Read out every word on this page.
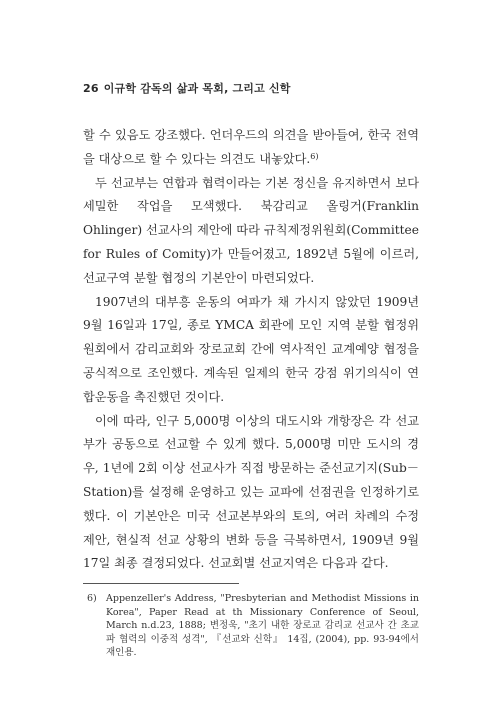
26 이규학 감독의 삶과 목회, 그리고 신학

할 수 있음도 강조했다. 언더우드의 의견을 받아들여, 한국 전역을 대상으로 할 수 있다는 의견도 내놓았다.$^{6)}$

두 선교부는 연합과 협력이라는 기본 정신을 유지하면서 보다 세밀한 작업을 모색했다. 북감리교 올링거(Franklin Ohlinger) 선교사의 제안에 따라 규칙제정위원회(Committee for Rules of Comity)가 만들어졌고, 1892년 5월에 이르러, 선교구역 분할 협정의 기본안이 마련되었다.

1907년의 대부흥 운동의 여파가 채 가시지 않았던 1909년 9월 16일과 17일, 종로 YMCA 회관에 모인 지역 분할 협정위원회에서 감리교회와 장로교회 간에 역사적인 교계예양 협정을 공식적으로 조인했다. 계속된 일제의 한국 강점 위기의식이 연합운동을 촉진했던 것이다.

이에 따라, 인구 5,000명 이상의 대도시와 개항장은 각 선교부가 공동으로 선교할 수 있게 했다. 5,000명 미만 도시의 경우, 1년에 2회 이상 선교사가 직접 방문하는 준선교기지(Sub－Station)를 설정해 운영하고 있는 교파에 선점권을 인정하기로 했다. 이 기본안은 미국 선교본부와의 토의, 여러 차례의 수정 제안, 현실적 선교 상황의 변화 등을 극복하면서, 1909년 9월 17일 최종 결정되었다. 선교회별 선교지역은 다음과 같다.

6) Appenzeller's Address, "Presbyterian and Methodist Missions in Korea", Paper Read at th Missionary Conference of Seoul, March n.d.23, 1888; 변정욱, "초기 내한 장로교 감리교 선교사 간 초교파 협력의 이중적 성격", 『선교와 신학』 14집, (2004), pp. 93-94에서 재인용.
